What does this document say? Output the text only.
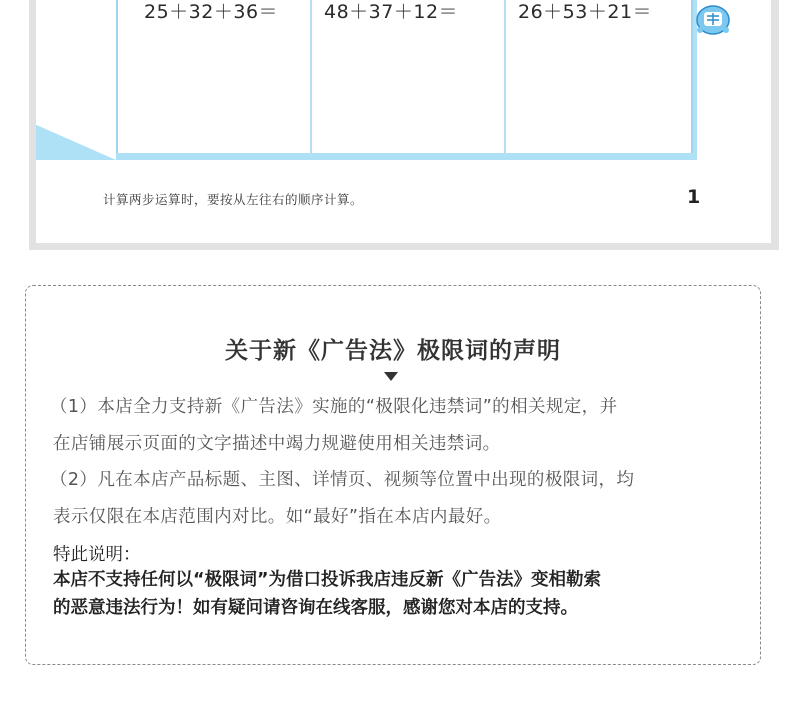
25＋32＋36＝ 48＋37＋12＝	26＋53＋21＝
计算两步运算时，要按从左往右的顺序计算。	1
关于新《广告法》极限词的声明
（1）本店全力支持新《广告法》实施的“极限化违禁词”的相关规定，并
在店铺展示页面的文字描述中竭力规避使用相关违禁词。
（2）凡在本店产品标题、主图、详情页、视频等位置中出现的极限词，均
表示仅限在本店范围内对比。如“最好”指在本店内最好。
特此说明：
本店不支持任何以“极限词”为借口投诉我店违反新《广告法》变相勒索
的恶意违法行为！如有疑问请咨询在线客服，感谢您对本店的支持。
